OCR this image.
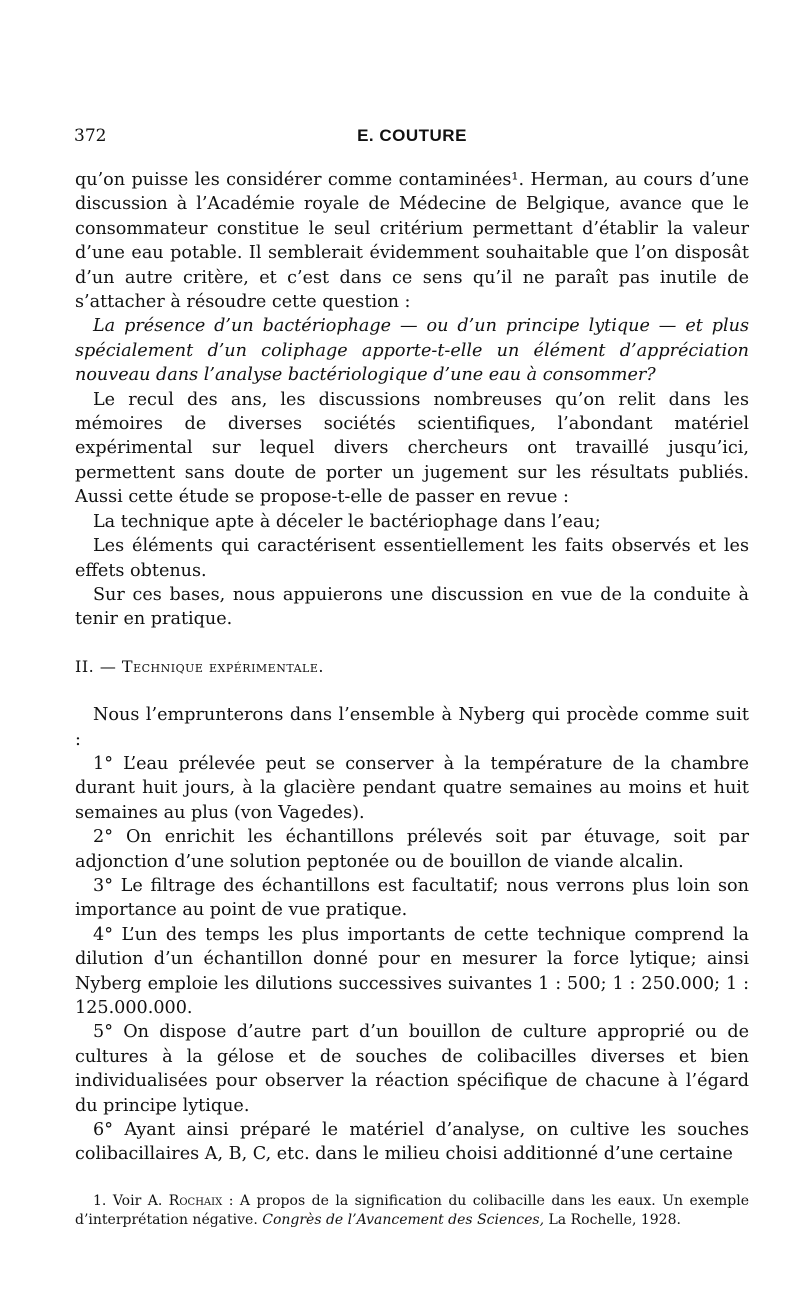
372	E. COUTURE

qu’on puisse les considérer comme contaminées¹. Herman, au cours d’une discussion à l’Académie royale de Médecine de Belgique, avance que le consommateur constitue le seul critérium permettant d’établir la valeur d’une eau potable. Il semblerait évidemment souhaitable que l’on disposât d’un autre critère, et c’est dans ce sens qu’il ne paraît pas inutile de s’attacher à résoudre cette question :

La présence d’un bactériophage — ou d’un principe lytique — et plus spécialement d’un coliphage apporte-t-elle un élément d’appréciation nouveau dans l’analyse bactériologique d’une eau à consommer?

Le recul des ans, les discussions nombreuses qu’on relit dans les mémoires de diverses sociétés scientifiques, l’abondant matériel expérimental sur lequel divers chercheurs ont travaillé jusqu’ici, permettent sans doute de porter un jugement sur les résultats publiés. Aussi cette étude se propose-t-elle de passer en revue :

La technique apte à déceler le bactériophage dans l’eau;

Les éléments qui caractérisent essentiellement les faits observés et les effets obtenus.

Sur ces bases, nous appuierons une discussion en vue de la conduite à tenir en pratique.

II. — Technique expérimentale.

Nous l’emprunterons dans l’ensemble à Nyberg qui procède comme suit :

1° L’eau prélevée peut se conserver à la température de la chambre durant huit jours, à la glacière pendant quatre semaines au moins et huit semaines au plus (von Vagedes).

2° On enrichit les échantillons prélevés soit par étuvage, soit par adjonction d’une solution peptonée ou de bouillon de viande alcalin.

3° Le filtrage des échantillons est facultatif; nous verrons plus loin son importance au point de vue pratique.

4° L’un des temps les plus importants de cette technique comprend la dilution d’un échantillon donné pour en mesurer la force lytique; ainsi Nyberg emploie les dilutions successives suivantes 1 : 500; 1 : 250.000; 1 : 125.000.000.

5° On dispose d’autre part d’un bouillon de culture approprié ou de cultures à la gélose et de souches de colibacilles diverses et bien individualisées pour observer la réaction spécifique de chacune à l’égard du principe lytique.

6° Ayant ainsi préparé le matériel d’analyse, on cultive les souches colibacillaires A, B, C, etc. dans le milieu choisi additionné d’une certaine

1. Voir A. Rochaix : A propos de la signification du colibacille dans les eaux. Un exemple d’interprétation négative. Congrès de l’Avancement des Sciences, La Rochelle, 1928.
